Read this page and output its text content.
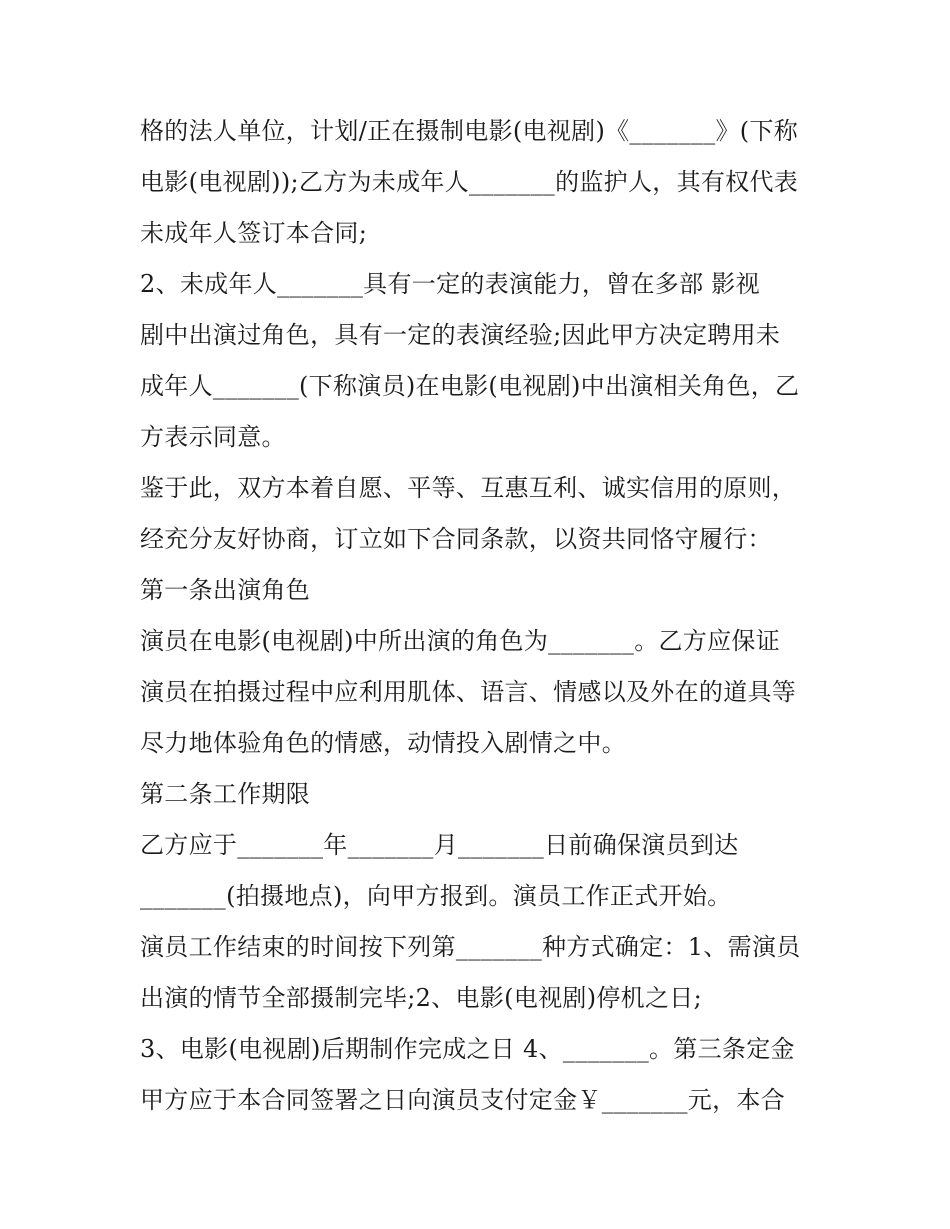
格的法人单位，计划/正在摄制电影(电视剧)《_______》(下称
电影(电视剧));乙方为未成年人_______的监护人，其有权代表
未成年人签订本合同;
2、未成年人_______具有一定的表演能力，曾在多部 影视
剧中出演过角色，具有一定的表演经验;因此甲方决定聘用未
成年人_______(下称演员)在电影(电视剧)中出演相关角色，乙
方表示同意。
鉴于此，双方本着自愿、平等、互惠互利、诚实信用的原则，
经充分友好协商，订立如下合同条款，以资共同恪守履行：
第一条出演角色
演员在电影(电视剧)中所出演的角色为_______。乙方应保证
演员在拍摄过程中应利用肌体、语言、情感以及外在的道具等
尽力地体验角色的情感，动情投入剧情之中。
第二条工作期限
乙方应于_______年_______月_______日前确保演员到达
_______(拍摄地点)，向甲方报到。演员工作正式开始。
演员工作结束的时间按下列第_______种方式确定：1、需演员
出演的情节全部摄制完毕;2、电影(电视剧)停机之日;
3、电影(电视剧)后期制作完成之日 4、_______。第三条定金
甲方应于本合同签署之日向演员支付定金￥_______元，本合
